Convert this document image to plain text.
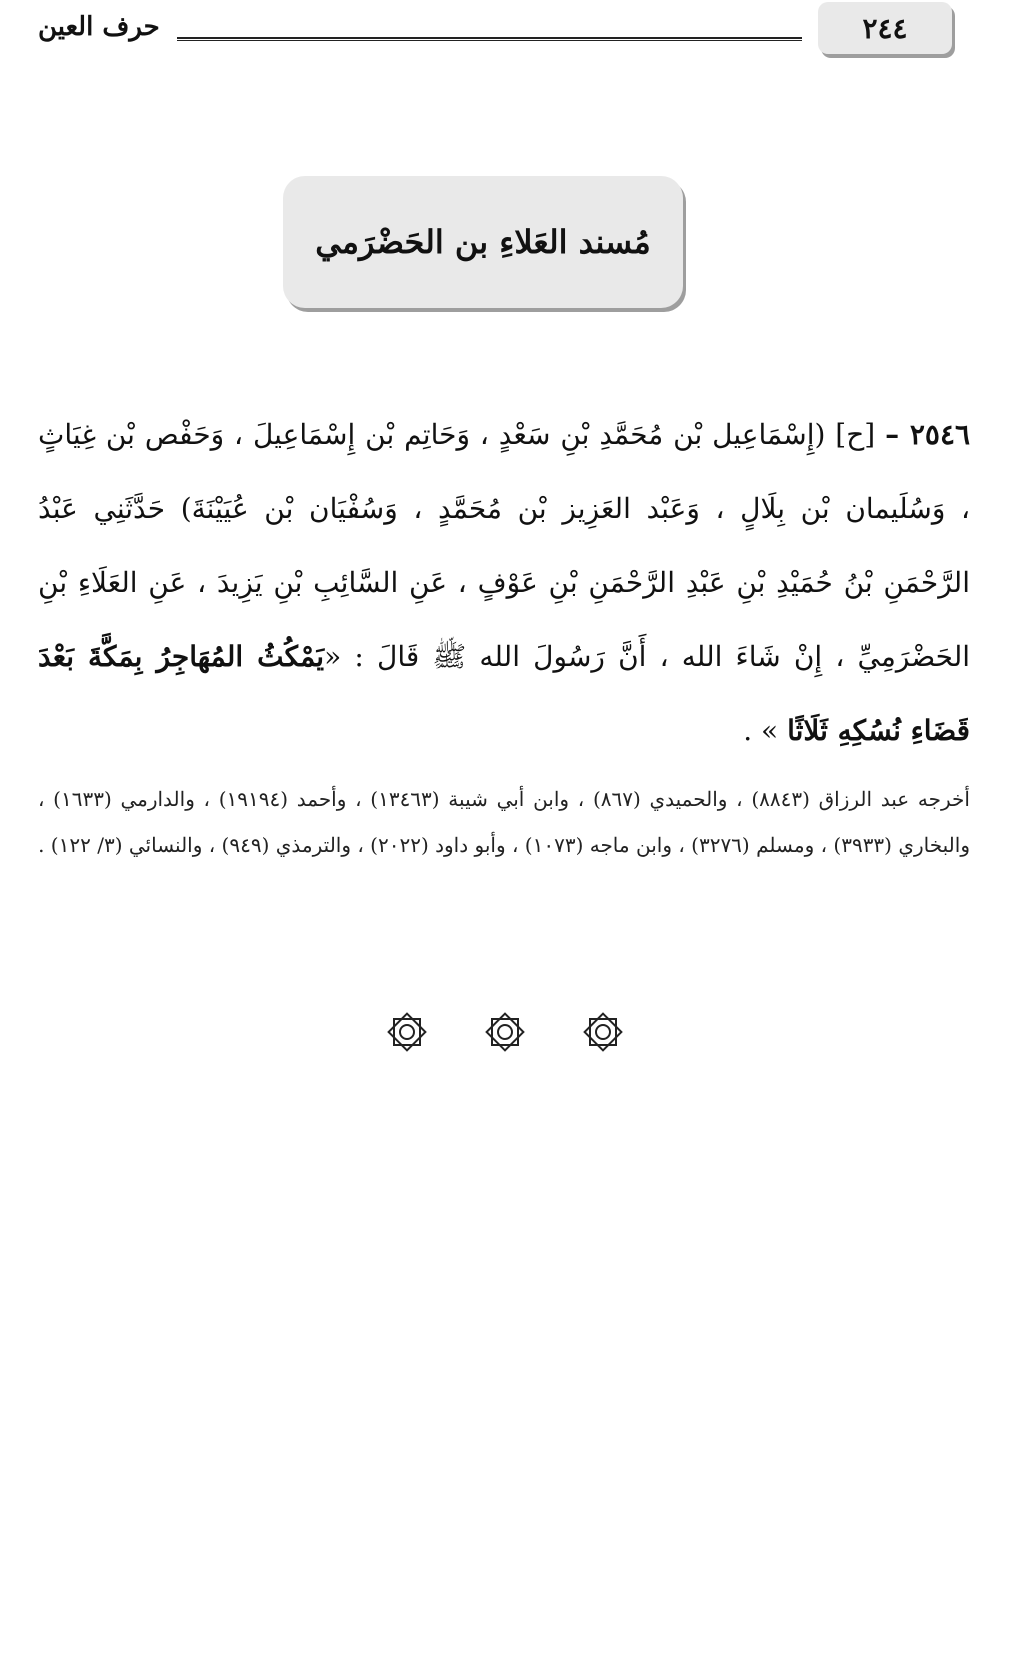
٢٤٤
حرف العين
مُسند العَلاءِ بن الحَضْرَمي
٢٥٤٦ – [ح] (إِسْمَاعِيل بْن مُحَمَّدِ بْنِ سَعْدٍ ، وَحَاتِم بْن إِسْمَاعِيلَ ، وَحَفْص بْن غِيَاثٍ ، وَسُلَيمان بْن بِلَالٍ ، وَعَبْد العَزِيز بْن مُحَمَّدٍ ، وَسُفْيَان بْن عُيَيْنَةَ) حَدَّثَنِي عَبْدُ الرَّحْمَنِ بْنُ حُمَيْدِ بْنِ عَبْدِ الرَّحْمَنِ بْنِ عَوْفٍ ، عَنِ السَّائِبِ بْنِ يَزِيدَ ، عَنِ العَلَاءِ بْنِ الحَضْرَمِيِّ ، إِنْ شَاءَ الله ، أَنَّ رَسُولَ الله ﷺ قَالَ : «يَمْكُثُ المُهَاجِرُ بِمَكَّةَ بَعْدَ قَضَاءِ نُسُكِهِ ثَلَاثًا » .
أخرجه عبد الرزاق (٨٨٤٣) ، والحميدي (٨٦٧) ، وابن أبي شيبة (١٣٤٦٣) ، وأحمد (١٩١٩٤) ، والدارمي (١٦٣٣) ، والبخاري (٣٩٣٣) ، ومسلم (٣٢٧٦) ، وابن ماجه (١٠٧٣) ، وأبو داود (٢٠٢٢) ، والترمذي (٩٤٩) ، والنسائي (٣/ ١٢٢) .
